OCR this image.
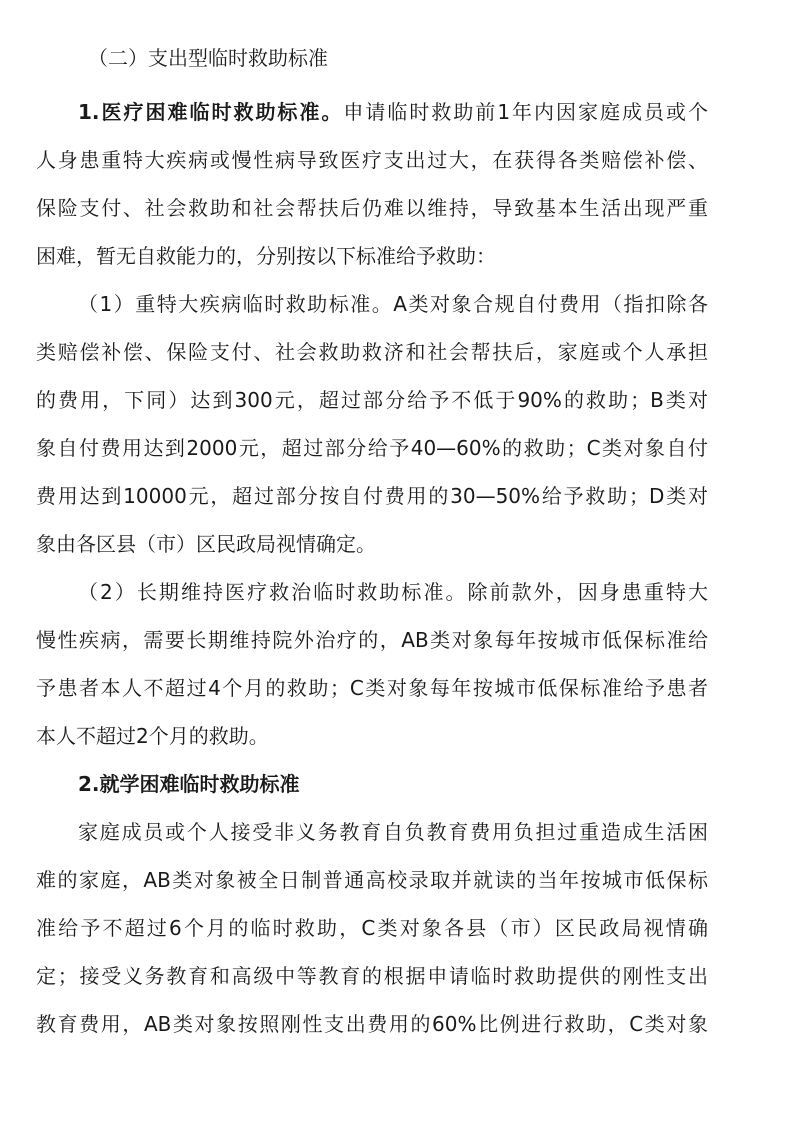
（二）支出型临时救助标准
1.医疗困难临时救助标准。申请临时救助前1年内因家庭成员或个
人身患重特大疾病或慢性病导致医疗支出过大，在获得各类赔偿补偿、
保险支付、社会救助和社会帮扶后仍难以维持，导致基本生活出现严重
困难，暂无自救能力的，分别按以下标准给予救助：
（1）重特大疾病临时救助标准。A类对象合规自付费用（指扣除各
类赔偿补偿、保险支付、社会救助救济和社会帮扶后，家庭或个人承担
的费用，下同）达到300元，超过部分给予不低于90%的救助；B类对
象自付费用达到2000元，超过部分给予40—60%的救助；C类对象自付
费用达到10000元，超过部分按自付费用的30—50%给予救助；D类对
象由各区县（市）区民政局视情确定。
（2）长期维持医疗救治临时救助标准。除前款外，因身患重特大
慢性疾病，需要长期维持院外治疗的，AB类对象每年按城市低保标准给
予患者本人不超过4个月的救助；C类对象每年按城市低保标准给予患者
本人不超过2个月的救助。
2.就学困难临时救助标准
家庭成员或个人接受非义务教育自负教育费用负担过重造成生活困
难的家庭，AB类对象被全日制普通高校录取并就读的当年按城市低保标
准给予不超过6个月的临时救助，C类对象各县（市）区民政局视情确
定；接受义务教育和高级中等教育的根据申请临时救助提供的刚性支出
教育费用，AB类对象按照刚性支出费用的60%比例进行救助，C类对象
